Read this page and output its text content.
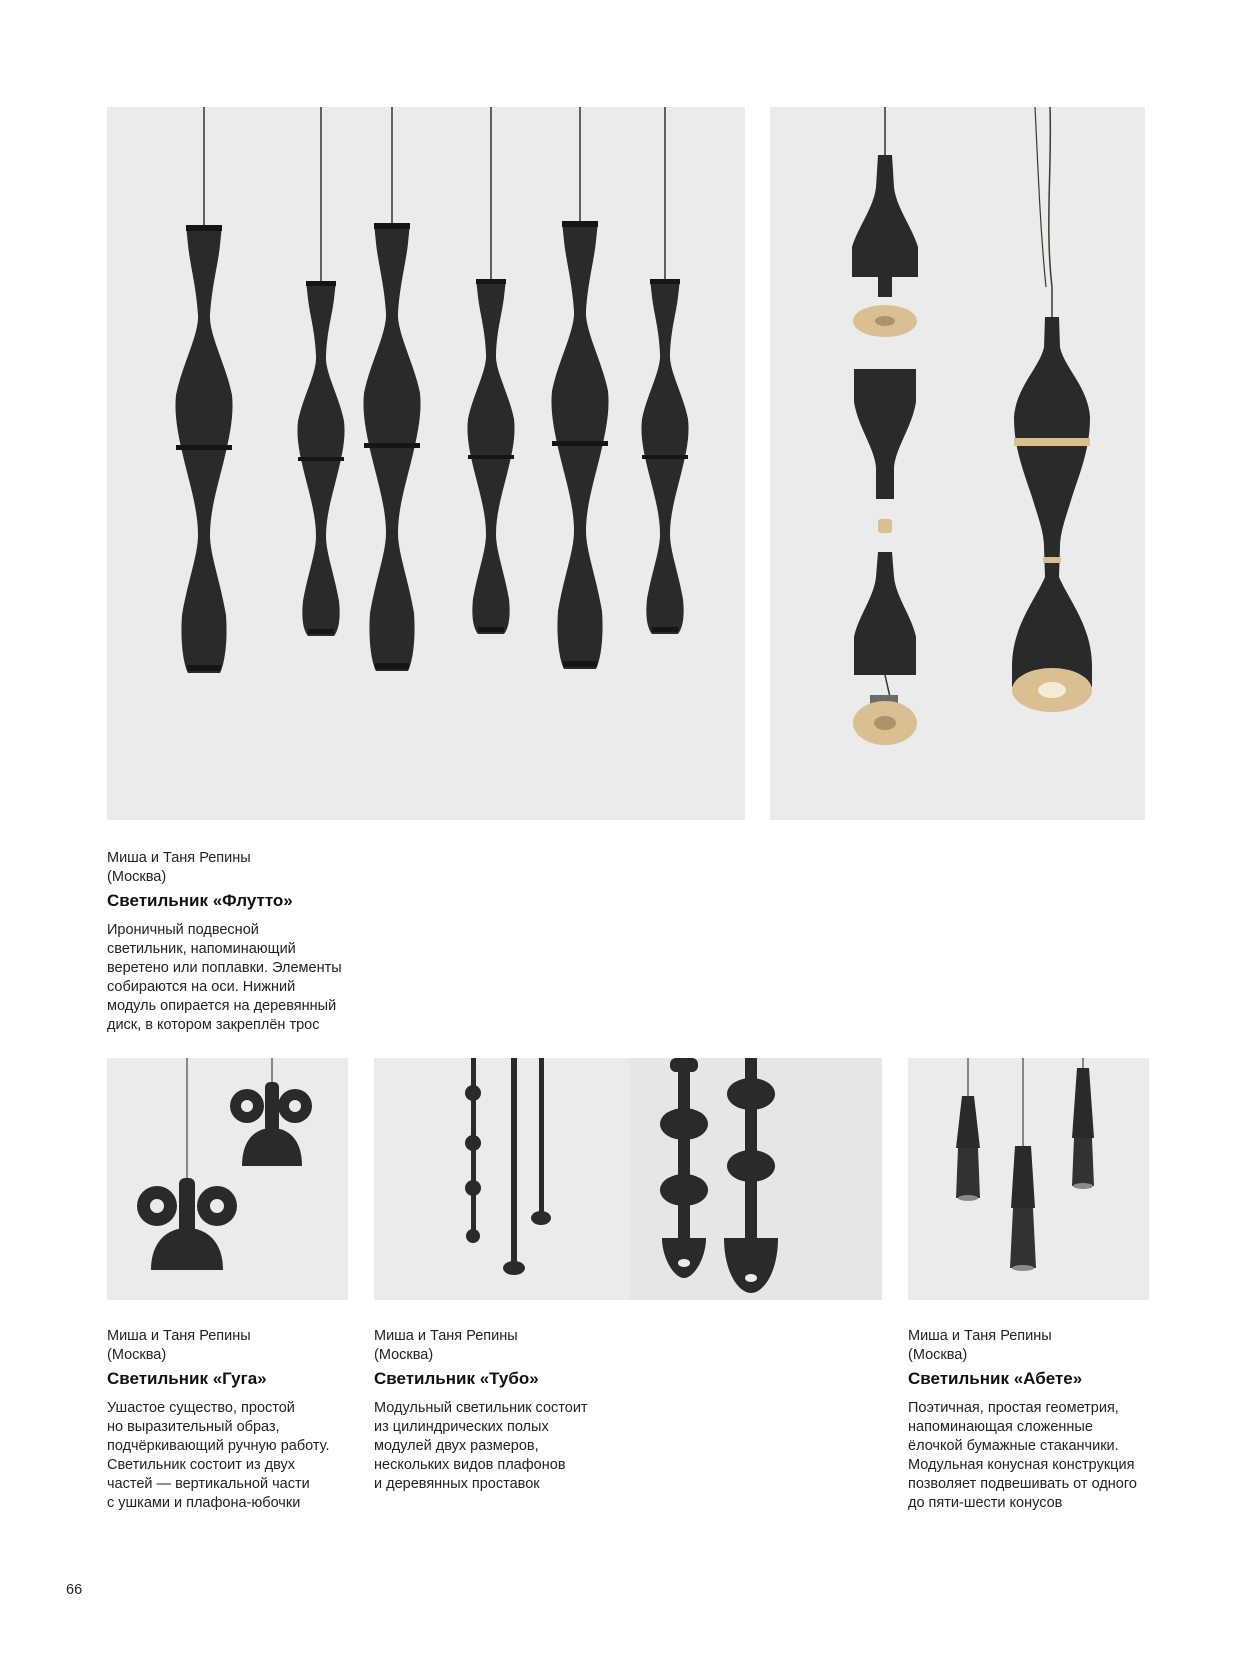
Миша и Таня Репины
(Москва)
Светильник «Флутто»
Ироничный подвесной
светильник, напоминающий
веретено или поплавки. Элементы
собираются на оси. Нижний
модуль опирается на деревянный
диск, в котором закреплён трос
Миша и Таня Репины
(Москва)
Светильник «Гуга»
Ушастое существо, простой
но выразительный образ,
подчёркивающий ручную работу.
Светильник состоит из двух
частей — вертикальной части
с ушками и плафона-юбочки
Миша и Таня Репины
(Москва)
Светильник «Тубо»
Модульный светильник состоит
из цилиндрических полых
модулей двух размеров,
нескольких видов плафонов
и деревянных проставок
Миша и Таня Репины
(Москва)
Светильник «Абете»
Поэтичная, простая геометрия,
напоминающая сложенные
ёлочкой бумажные стаканчики.
Модульная конусная конструкция
позволяет подвешивать от одного
до пяти-шести конусов
66
